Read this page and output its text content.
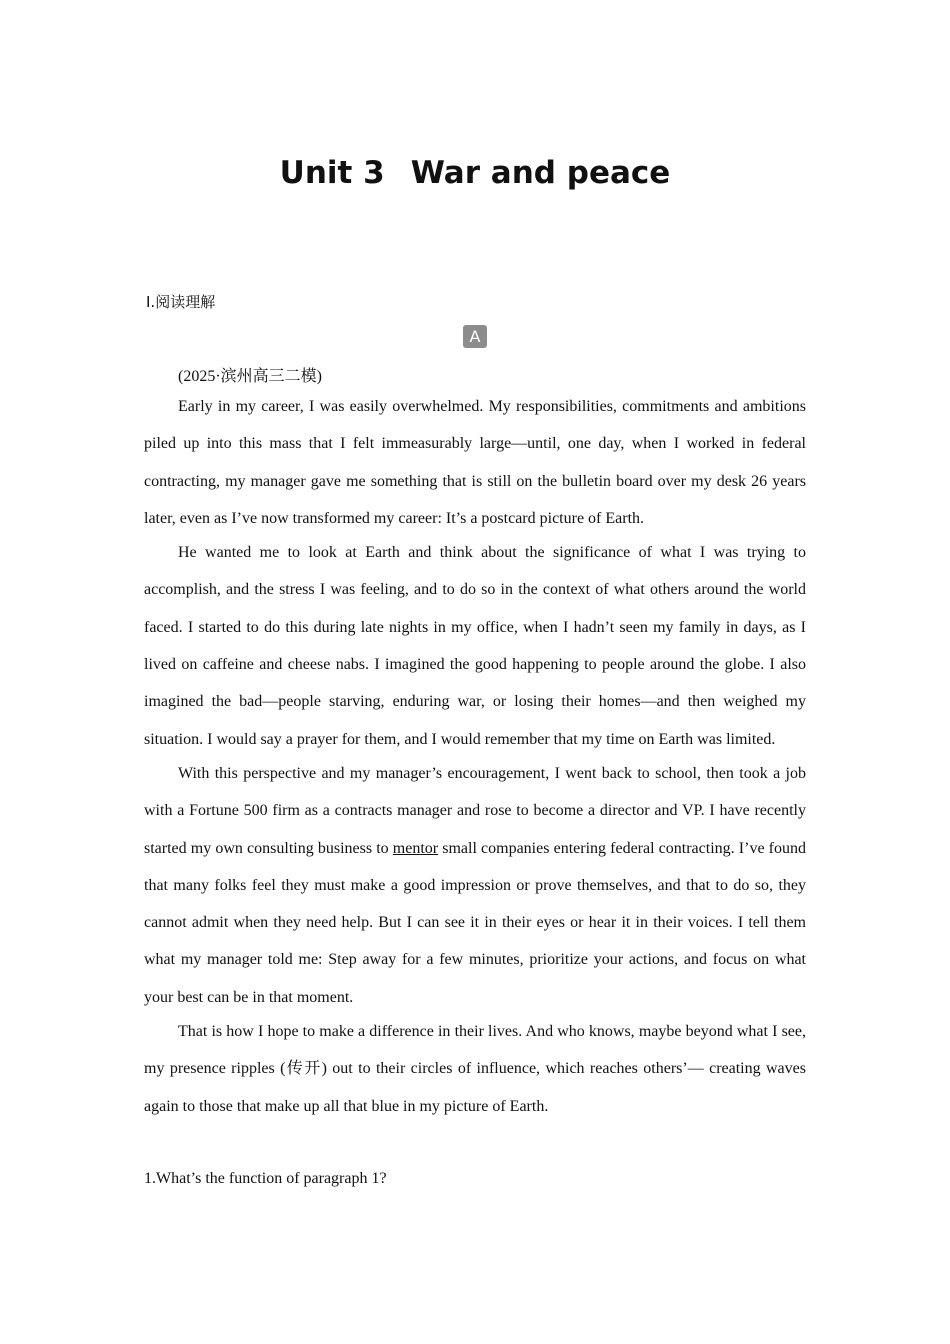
Unit 3 War and peace
Ⅰ.阅读理解
A
(2025·滨州高三二模)

Early in my career, I was easily overwhelmed. My responsibilities, commitments and ambitions piled up into this mass that I felt immeasurably large—until, one day, when I worked in federal contracting, my manager gave me something that is still on the bulletin board over my desk 26 years later, even as I’ve now transformed my career: It’s a postcard picture of Earth.

He wanted me to look at Earth and think about the significance of what I was trying to accomplish, and the stress I was feeling, and to do so in the context of what others around the world faced. I started to do this during late nights in my office, when I hadn’t seen my family in days, as I lived on caffeine and cheese nabs. I imagined the good happening to people around the globe. I also imagined the bad—people starving, enduring war, or losing their homes—and then weighed my situation. I would say a prayer for them, and I would remember that my time on Earth was limited.

With this perspective and my manager’s encouragement, I went back to school, then took a job with a Fortune 500 firm as a contracts manager and rose to become a director and VP. I have recently started my own consulting business to mentor small companies entering federal contracting. I’ve found that many folks feel they must make a good impression or prove themselves, and that to do so, they cannot admit when they need help. But I can see it in their eyes or hear it in their voices. I tell them what my manager told me: Step away for a few minutes, prioritize your actions, and focus on what your best can be in that moment.

That is how I hope to make a difference in their lives. And who knows, maybe beyond what I see, my presence ripples (传开) out to their circles of influence, which reaches others’— creating waves again to those that make up all that blue in my picture of Earth.

1.What’s the function of paragraph 1?
